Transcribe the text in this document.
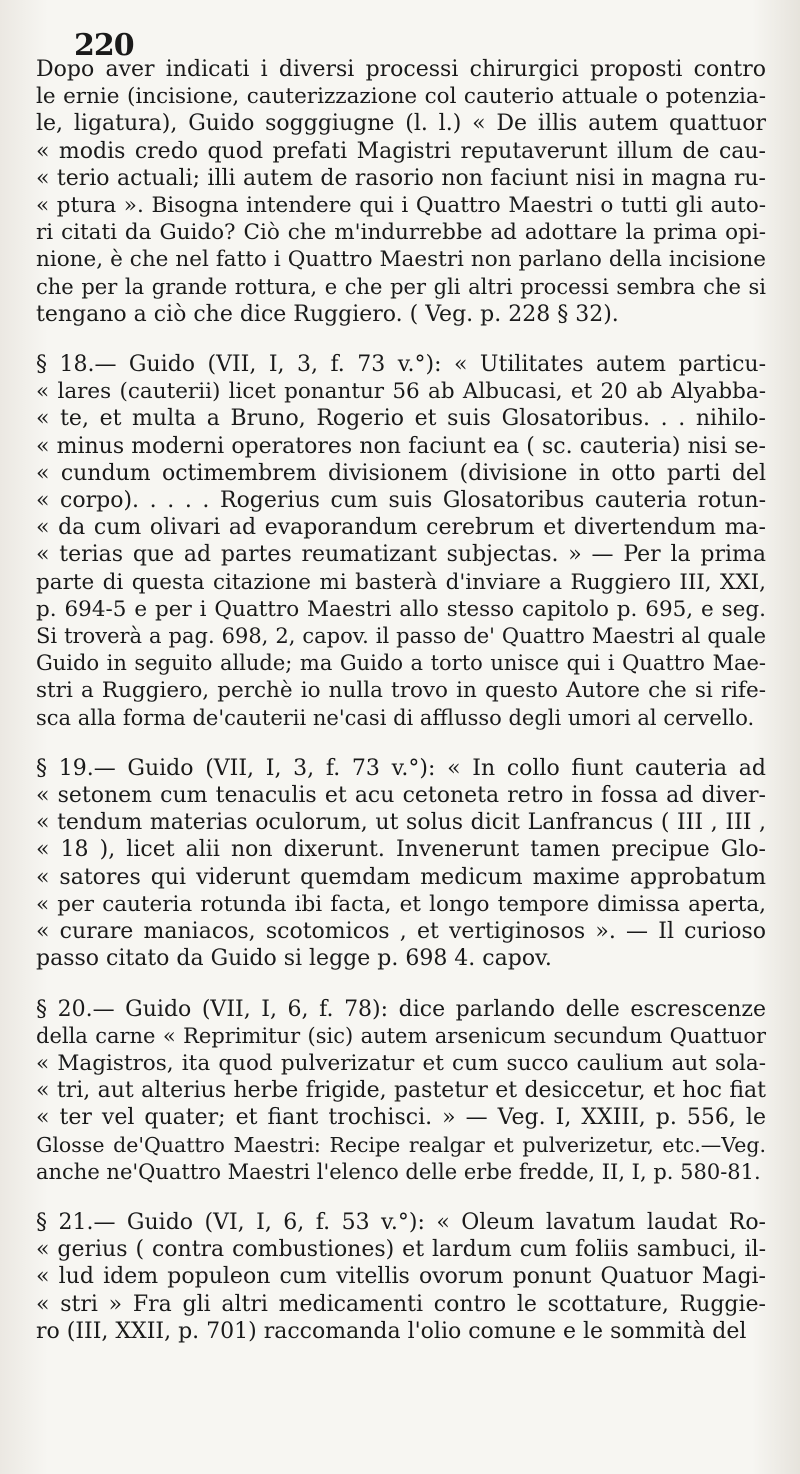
220
Dopo aver indicati i diversi processi chirurgici proposti contro
le ernie (incisione, cauterizzazione col cauterio attuale o potenzia-
le, ligatura), Guido sogggiugne (l. l.) « De illis autem quattuor
« modis credo quod prefati Magistri reputaverunt illum de cau-
« terio actuali; illi autem de rasorio non faciunt nisi in magna ru-
« ptura ». Bisogna intendere qui i Quattro Maestri o tutti gli auto-
ri citati da Guido? Ciò che m'indurrebbe ad adottare la prima opi-
nione, è che nel fatto i Quattro Maestri non parlano della incisione
che per la grande rottura, e che per gli altri processi sembra che si
tengano a ciò che dice Ruggiero. ( Veg. p. 228 § 32).
§ 18.— Guido (VII, I, 3, f. 73 v.°): « Utilitates autem particu-
« lares (cauterii) licet ponantur 56 ab Albucasi, et 20 ab Alyabba-
« te, et multa a Bruno, Rogerio et suis Glosatoribus. . . nihilo-
« minus moderni operatores non faciunt ea ( sc. cauteria) nisi se-
« cundum octimembrem divisionem (divisione in otto parti del
« corpo). . . . . Rogerius cum suis Glosatoribus cauteria rotun-
« da cum olivari ad evaporandum cerebrum et divertendum ma-
« terias que ad partes reumatizant subjectas. » — Per la prima
parte di questa citazione mi basterà d'inviare a Ruggiero III, XXI,
p. 694-5 e per i Quattro Maestri allo stesso capitolo p. 695, e seg.
Si troverà a pag. 698, 2, capov. il passo de' Quattro Maestri al quale
Guido in seguito allude; ma Guido a torto unisce qui i Quattro Mae-
stri a Ruggiero, perchè io nulla trovo in questo Autore che si rife-
sca alla forma de'cauterii ne'casi di afflusso degli umori al cervello.
§ 19.— Guido (VII, I, 3, f. 73 v.°): « In collo fiunt cauteria ad
« setonem cum tenaculis et acu cetoneta retro in fossa ad diver-
« tendum materias oculorum, ut solus dicit Lanfrancus ( III , III ,
« 18 ), licet alii non dixerunt. Invenerunt tamen precipue Glo-
« satores qui viderunt quemdam medicum maxime approbatum
« per cauteria rotunda ibi facta, et longo tempore dimissa aperta,
« curare maniacos, scotomicos , et vertiginosos ». — Il curioso
passo citato da Guido si legge p. 698 4. capov.
§ 20.— Guido (VII, I, 6, f. 78): dice parlando delle escrescenze
della carne « Reprimitur (sic) autem arsenicum secundum Quattuor
« Magistros, ita quod pulverizatur et cum succo caulium aut sola-
« tri, aut alterius herbe frigide, pastetur et desiccetur, et hoc fiat
« ter vel quater; et fiant trochisci. » — Veg. I, XXIII, p. 556, le
Glosse de'Quattro Maestri: Recipe realgar et pulverizetur, etc.—Veg.
anche ne'Quattro Maestri l'elenco delle erbe fredde, II, I, p. 580-81.
§ 21.— Guido (VI, I, 6, f. 53 v.°): « Oleum lavatum laudat Ro-
« gerius ( contra combustiones) et lardum cum foliis sambuci, il-
« lud idem populeon cum vitellis ovorum ponunt Quatuor Magi-
« stri » Fra gli altri medicamenti contro le scottature, Ruggie-
ro (III, XXII, p. 701) raccomanda l'olio comune e le sommità del
